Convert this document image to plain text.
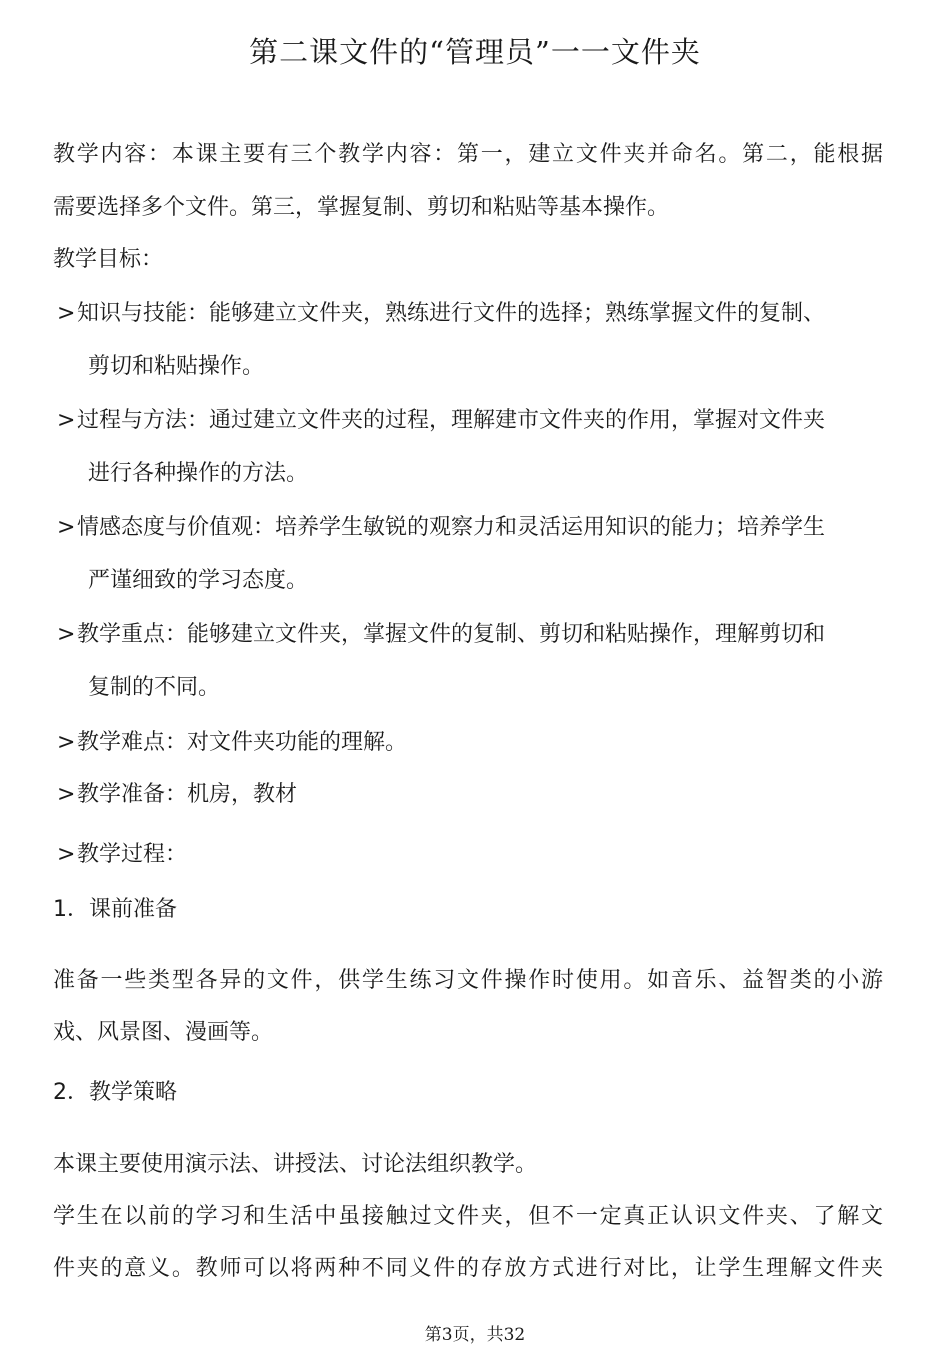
第二课文件的“管理员”一一文件夹
教学内容：本课主要有三个教学内容：第一，建立文件夹并命名。第二，能根据
需要选择多个文件。第三，掌握复制、剪切和粘贴等基本操作。
教学目标：
>知识与技能：能够建立文件夹，熟练进行文件的选择；熟练掌握文件的复制、
剪切和粘贴操作。
>过程与方法：通过建立文件夹的过程，理解建市文件夹的作用，掌握对文件夹
进行各种操作的方法。
>情感态度与价值观：培养学生敏锐的观察力和灵活运用知识的能力；培养学生
严谨细致的学习态度。
>教学重点：能够建立文件夹，掌握文件的复制、剪切和粘贴操作，理解剪切和
复制的不同。
>教学难点：对文件夹功能的理解。
>教学准备：机房，教材
>教学过程：
1．课前准备
准备一些类型各异的文件，供学生练习文件操作时使用。如音乐、益智类的小游
戏、风景图、漫画等。
2．教学策略
本课主要使用演示法、讲授法、讨论法组织教学。
学生在以前的学习和生活中虽接触过文件夹，但不一定真正认识文件夹、了解文
件夹的意义。教师可以将两种不同义件的存放方式进行对比，让学生理解文件夹
第3页，共32
